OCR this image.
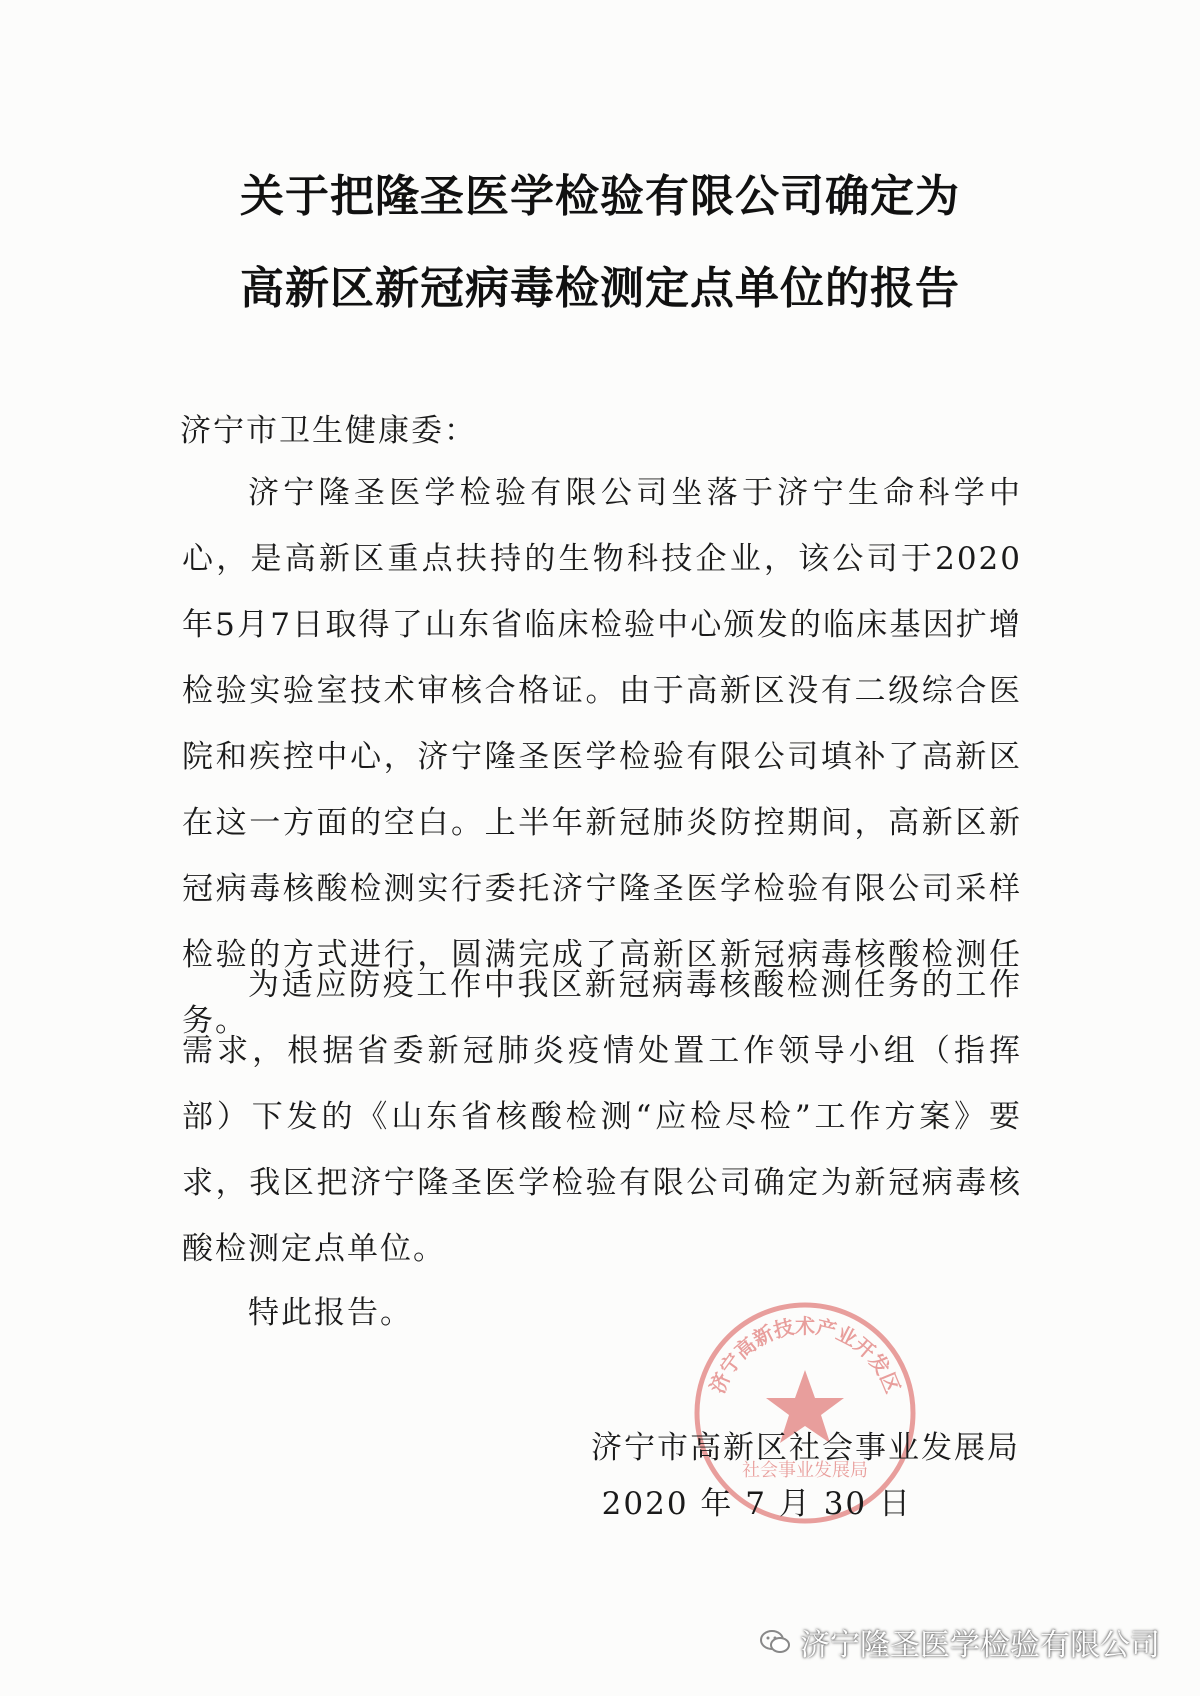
关于把隆圣医学检验有限公司确定为
高新区新冠病毒检测定点单位的报告
济宁市卫生健康委：

济宁隆圣医学检验有限公司坐落于济宁生命科学中心，是高新区重点扶持的生物科技企业，该公司于2020年5月7日取得了山东省临床检验中心颁发的临床基因扩增检验实验室技术审核合格证。由于高新区没有二级综合医院和疾控中心，济宁隆圣医学检验有限公司填补了高新区在这一方面的空白。上半年新冠肺炎防控期间，高新区新冠病毒核酸检测实行委托济宁隆圣医学检验有限公司采样检验的方式进行，圆满完成了高新区新冠病毒核酸检测任务。

为适应防疫工作中我区新冠病毒核酸检测任务的工作需求，根据省委新冠肺炎疫情处置工作领导小组（指挥部）下发的《山东省核酸检测“应检尽检”工作方案》要求，我区把济宁隆圣医学检验有限公司确定为新冠病毒核酸检测定点单位。

特此报告。

济宁高新技术产业开发区
社会事业发展局
济宁市高新区社会事业发展局
2020 年 7 月 30 日
济宁隆圣医学检验有限公司
